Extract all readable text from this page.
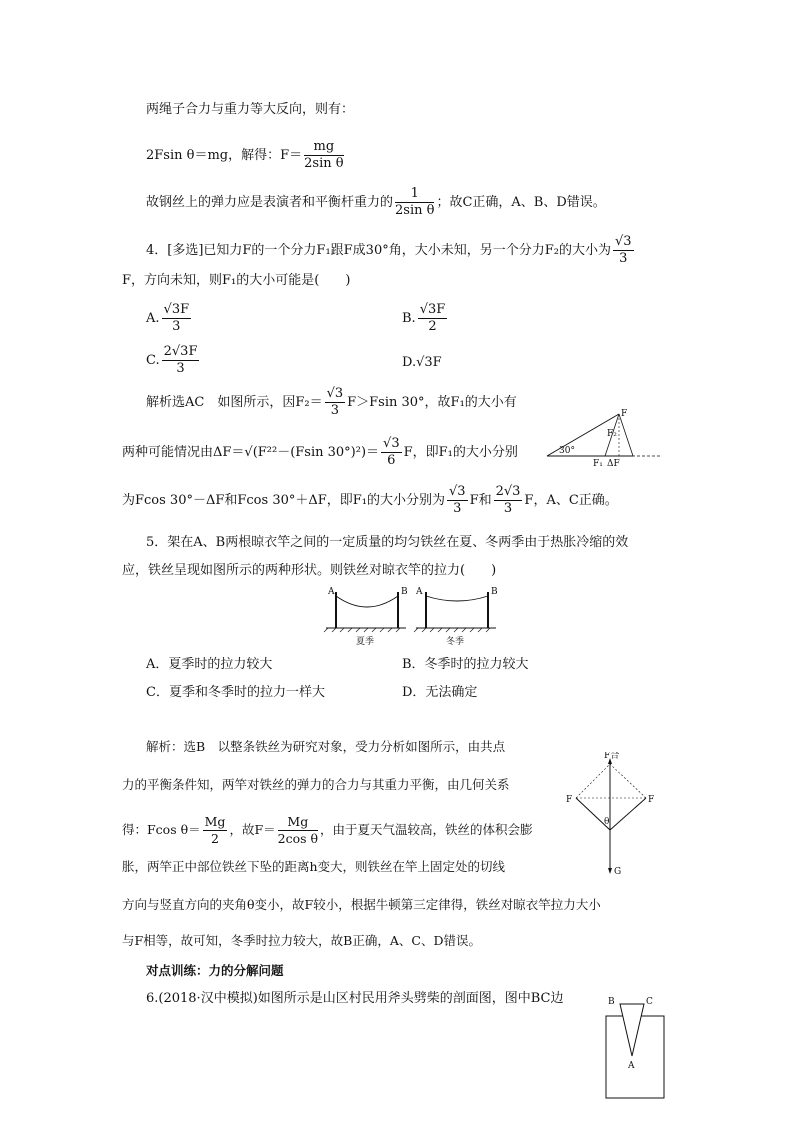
两绳子合力与重力等大反向，则有：
2Fsin θ＝mg，解得：$F= \frac{mg}{\text{2sin θ}}$
故钢丝上的弹力应是表演者和平衡杆重力的 $\frac{1}{\text{2sin θ}}$ ；故C正确，A、B、D错误。
4．[多选]已知力F的一个分力F₁跟F成30°角，大小未知，另一个分力F₂的大小为 $\frac{√3}{3}$
F，方向未知，则F₁的大小可能是(　　)
A. $\frac{√3F}{3}$	B. $\frac{√3F}{2}$
C. $\frac{2√3F}{3}$	D.√3F
解析选AC　如图所示，因$F_2= \frac{√3}{3} F>Fsin$ 30°，故F₁的大小有
两种可能情况由ΔF＝√(F²²－(Fsin $30^\circ)^2)= \frac{√3}{6}$ F，即F₁的大小分别
为Fcos 30°－ΔF和Fcos 30°＋ΔF，即F₁的大小分别为 $\frac{√3}{3}$ F和 $\frac{2√3}{3}$ F，A、C正确。
F
30°
F₂
F₁ ΔF
5．架在A、B两根晾衣竿之间的一定质量的均匀铁丝在夏、冬两季由于热胀冷缩的效
应，铁丝呈现如图所示的两种形状。则铁丝对晾衣竿的拉力(　　)
A	B
夏季
A	B
冬季
A．夏季时的拉力较大	B．冬季时的拉力较大
C．夏季和冬季时的拉力一样大	D．无法确定
解析：选B　以整条铁丝为研究对象，受力分析如图所示，由共点
力的平衡条件知，两竿对铁丝的弹力的合力与其重力平衡，由几何关系
得：Fcos $\theta= \frac{Mg}{2}$ ，故$F= \frac{Mg}{\text{2cos θ}}$ ，由于夏天气温较高，铁丝的体积会膨
胀，两竿正中部位铁丝下坠的距离h变大，则铁丝在竿上固定处的切线
方向与竖直方向的夹角θ变小，故F较小，根据牛顿第三定律得，铁丝对晾衣竿拉力大小
与F相等，故可知，冬季时拉力较大，故B正确，A、C、D错误。
F合
F	F
θ
G
对点训练：力的分解问题
6.(2018·汉中模拟)如图所示是山区村民用斧头劈柴的剖面图，图中BC边	B	C
A
